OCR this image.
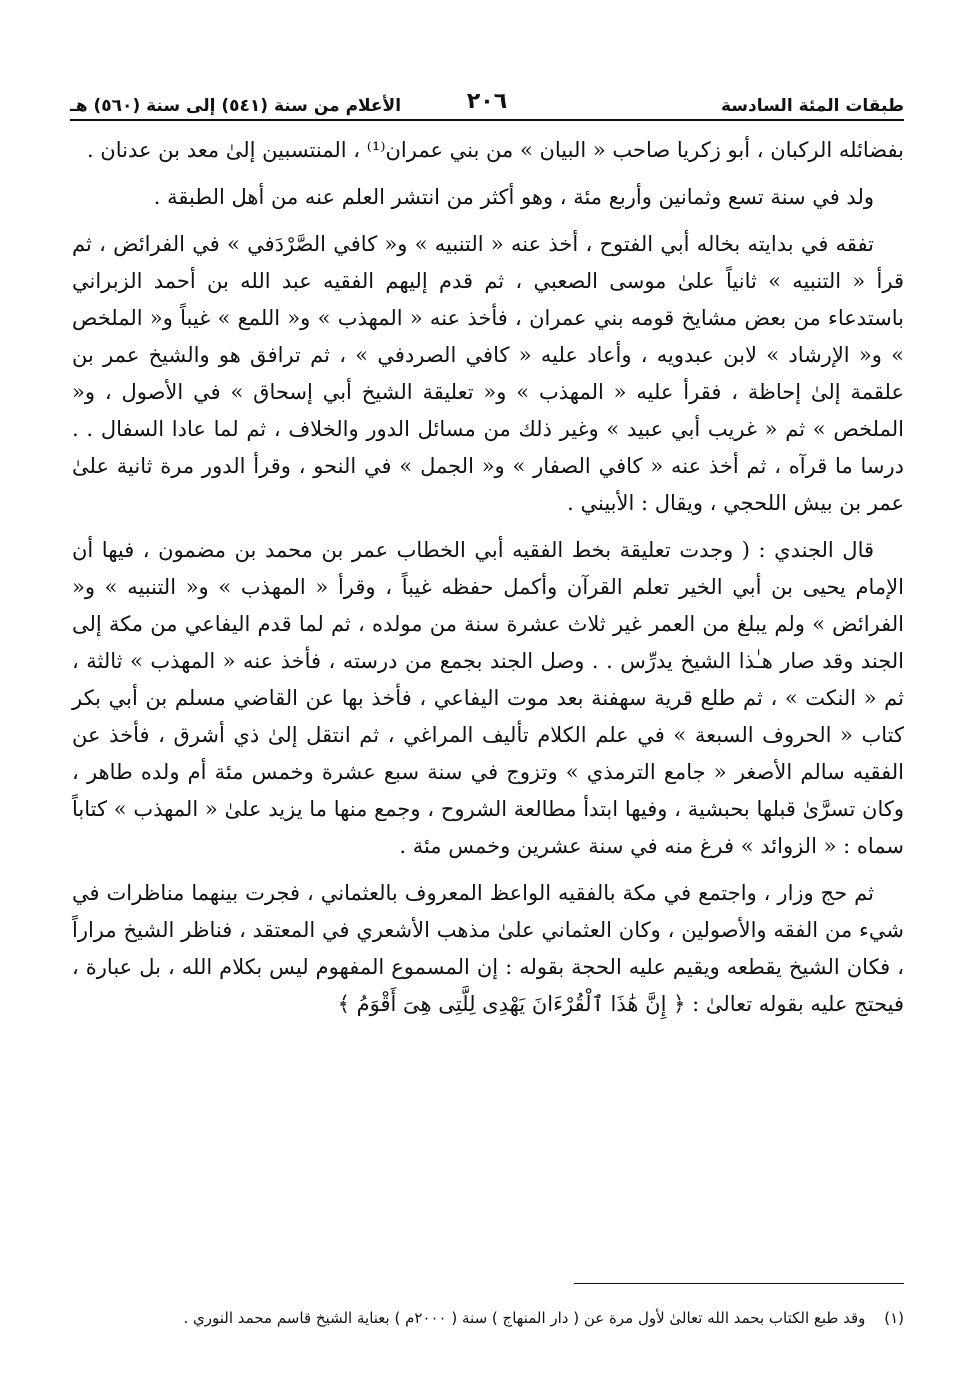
طبقات المئة السادسة
٢٠٦
الأعلام من سنة (٥٤١) إلى سنة (٥٦٠) هـ

بفضائله الركبان ، أبو زكريا صاحب « البيان » من بني عمران⁽¹⁾ ، المنتسبين إلىٰ معد بن عدنان .

ولد في سنة تسع وثمانين وأربع مئة ، وهو أكثر من انتشر العلم عنه من أهل الطبقة .

تفقه في بدايته بخاله أبي الفتوح ، أخذ عنه « التنبيه » و« كافي الصَّرْدَفي » في الفرائض ، ثم قرأ « التنبيه » ثانياً علىٰ موسى الصعبي ، ثم قدم إليهم الفقيه عبد الله بن أحمد الزبراني باستدعاء من بعض مشايخ قومه بني عمران ، فأخذ عنه « المهذب » و« اللمع » غيباً و« الملخص » و« الإرشاد » لابن عبدويه ، وأعاد عليه « كافي الصردفي » ، ثم ترافق هو والشيخ عمر بن علقمة إلىٰ إحاظة ، فقرأ عليه « المهذب » و« تعليقة الشيخ أبي إسحاق » في الأصول ، و« الملخص » ثم « غريب أبي عبيد » وغير ذلك من مسائل الدور والخلاف ، ثم لما عادا السفال . . درسا ما قرآه ، ثم أخذ عنه « كافي الصفار » و« الجمل » في النحو ، وقرأ الدور مرة ثانية علىٰ عمر بن بيش اللحجي ، ويقال : الأبيني .

قال الجندي : ( وجدت تعليقة بخط الفقيه أبي الخطاب عمر بن محمد بن مضمون ، فيها أن الإمام يحيى بن أبي الخير تعلم القرآن وأكمل حفظه غيباً ، وقرأ « المهذب » و« التنبيه » و« الفرائض » ولم يبلغ من العمر غير ثلاث عشرة سنة من مولده ، ثم لما قدم اليفاعي من مكة إلى الجند وقد صار هـٰذا الشيخ يدرِّس . . وصل الجند بجمع من درسته ، فأخذ عنه « المهذب » ثالثة ، ثم « النكت » ، ثم طلع قرية سهفنة بعد موت اليفاعي ، فأخذ بها عن القاضي مسلم بن أبي بكر كتاب « الحروف السبعة » في علم الكلام تأليف المراغي ، ثم انتقل إلىٰ ذي أشرق ، فأخذ عن الفقيه سالم الأصغر « جامع الترمذي » وتزوج في سنة سبع عشرة وخمس مئة أم ولده طاهر ، وكان تسرَّىٰ قبلها بحبشية ، وفيها ابتدأ مطالعة الشروح ، وجمع منها ما يزيد علىٰ « المهذب » كتاباً سماه : « الزوائد » فرغ منه في سنة عشرين وخمس مئة .

ثم حج وزار ، واجتمع في مكة بالفقيه الواعظ المعروف بالعثماني ، فجرت بينهما مناظرات في شيء من الفقه والأصولين ، وكان العثماني علىٰ مذهب الأشعري في المعتقد ، فناظر الشيخ مراراً ، فكان الشيخ يقطعه ويقيم عليه الحجة بقوله : إن المسموع المفهوم ليس بكلام الله ، بل عبارة ، فيحتج عليه بقوله تعالىٰ : ﴿ إِنَّ هَٰذَا ٱلْقُرْءَانَ يَهْدِى لِلَّتِى هِىَ أَقْوَمُ ﴾

(١) وقد طبع الكتاب بحمد الله تعالىٰ لأول مرة عن ( دار المنهاج ) سنة ( ٢٠٠٠م ) بعناية الشيخ قاسم محمد النوري .
